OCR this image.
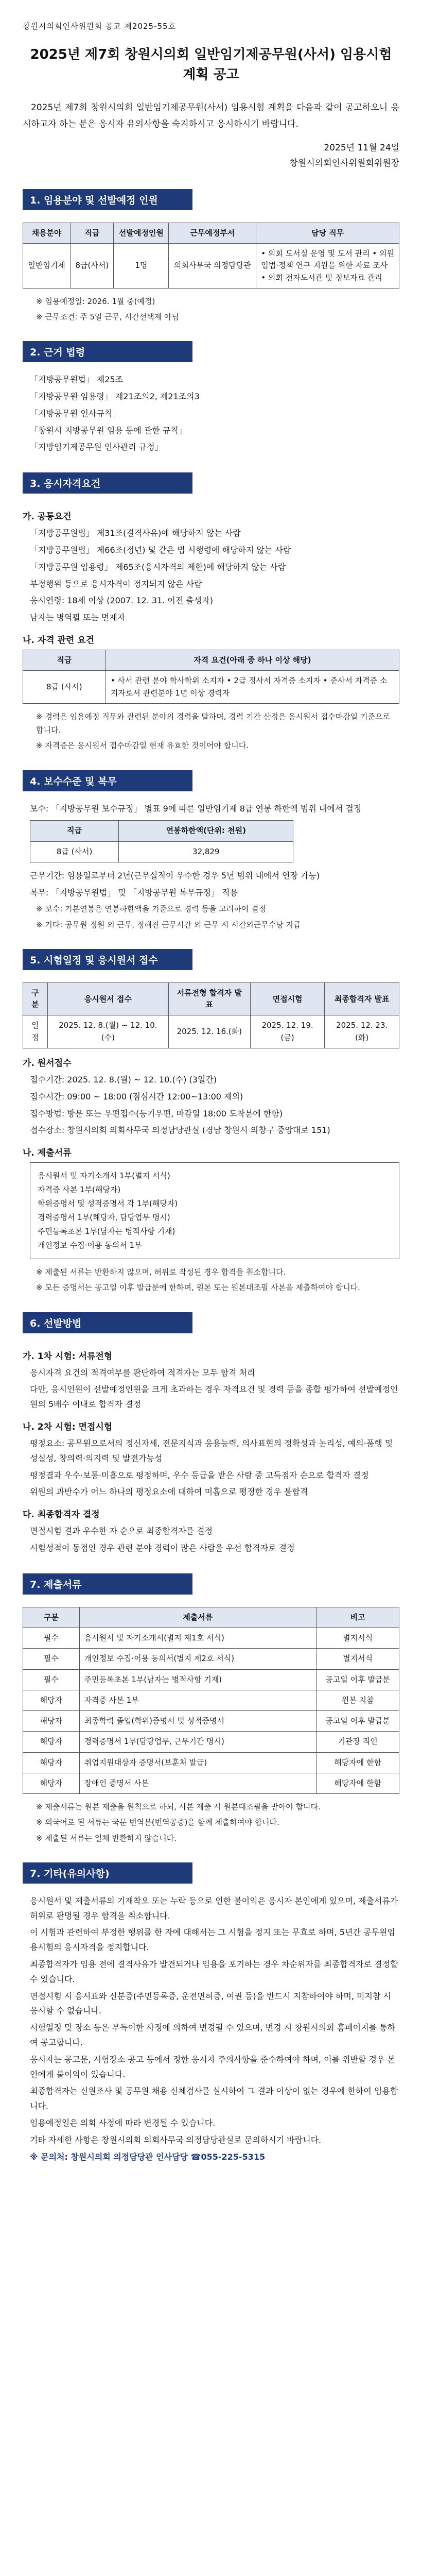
창원시의회인사위원회 공고 제2025-55호
2025년 제7회 창원시의회 일반임기제공무원(사서) 임용시험 계획 공고
2025년 제7회 창원시의회 일반임기제공무원(사서) 임용시험 계획을 다음과 같이 공고하오니 응시하고자 하는 분은 응시자 유의사항을 숙지하시고 응시하시기 바랍니다.
2025년 11월 24일
창원시의회인사위원회위원장
1. 임용분야 및 선발예정 인원
채용분야	직급	선발예정인원	근무예정부서	담당 직무
일반임기제	8급(사서)	1명	의회사무국 의정담당관	• 의회 도서실 운영 및 도서 관리 • 의원 입법·정책 연구 지원을 위한 자료 조사 • 의회 전자도서관 및 정보자료 관리
※ 임용예정일: 2026. 1월 중(예정)
※ 근무조건: 주 5일 근무, 시간선택제 아님
2. 근거 법령
「지방공무원법」 제25조
「지방공무원 임용령」 제21조의2, 제21조의3
「지방공무원 인사규칙」
「창원시 지방공무원 임용 등에 관한 규칙」
「지방임기제공무원 인사관리 규정」
3. 응시자격요건
가. 공통요건
「지방공무원법」 제31조(결격사유)에 해당하지 않는 사람
「지방공무원법」 제66조(정년) 및 같은 법 시행령에 해당하지 않는 사람
「지방공무원 임용령」 제65조(응시자격의 제한)에 해당하지 않는 사람
부정행위 등으로 응시자격이 정지되지 않은 사람
응시연령: 18세 이상 (2007. 12. 31. 이전 출생자)
남자는 병역필 또는 면제자
나. 자격 관련 요건
직급	자격 요건(아래 중 하나 이상 해당)
8급 (사서)	• 사서 관련 분야 학사학위 소지자 • 2급 정사서 자격증 소지자 • 준사서 자격증 소지자로서 관련분야 1년 이상 경력자
※ 경력은 임용예정 직무와 관련된 분야의 경력을 말하며, 경력 기간 산정은 응시원서 접수마감일 기준으로 합니다.
※ 자격증은 응시원서 접수마감일 현재 유효한 것이어야 합니다.
4. 보수수준 및 복무
보수: 「지방공무원 보수규정」 별표 9에 따른 일반임기제 8급 연봉 하한액 범위 내에서 결정
직급	연봉하한액(단위: 천원)
8급 (사서)	32,829
근무기간: 임용일로부터 2년(근무실적이 우수한 경우 5년 범위 내에서 연장 가능)
복무: 「지방공무원법」 및 「지방공무원 복무규정」 적용
※ 보수: 기본연봉은 연봉하한액을 기준으로 경력 등을 고려하여 결정
※ 기타: 공무원 정원 외 근무, 정해진 근무시간 외 근무 시 시간외근무수당 지급
5. 시험일정 및 응시원서 접수
구분	응시원서 접수	서류전형 합격자 발표	면접시험	최종합격자 발표
일정	2025. 12. 8.(월) ~ 12. 10.(수)	2025. 12. 16.(화)	2025. 12. 19.(금)	2025. 12. 23.(화)
가. 원서접수
접수기간: 2025. 12. 8.(월) ~ 12. 10.(수) (3일간)
접수시간: 09:00 ~ 18:00 (점심시간 12:00~13:00 제외)
접수방법: 방문 또는 우편접수(등기우편, 마감일 18:00 도착분에 한함)
접수장소: 창원시의회 의회사무국 의정담당관실 (경남 창원시 의창구 중앙대로 151)
나. 제출서류
응시원서 및 자기소개서 1부(별지 서식)
자격증 사본 1부(해당자)
학위증명서 및 성적증명서 각 1부(해당자)
경력증명서 1부(해당자, 담당업무 명시)
주민등록초본 1부(남자는 병적사항 기재)
개인정보 수집·이용 동의서 1부
※ 제출된 서류는 반환하지 않으며, 허위로 작성된 경우 합격을 취소합니다.
※ 모든 증명서는 공고일 이후 발급분에 한하며, 원본 또는 원본대조필 사본을 제출하여야 합니다.
6. 선발방법
가. 1차 시험: 서류전형
응시자격 요건의 적격여부를 판단하여 적격자는 모두 합격 처리
다만, 응시인원이 선발예정인원을 크게 초과하는 경우 자격요건 및 경력 등을 종합 평가하여 선발예정인원의 5배수 이내로 합격자 결정
나. 2차 시험: 면접시험
평정요소: 공무원으로서의 정신자세, 전문지식과 응용능력, 의사표현의 정확성과 논리성, 예의·품행 및 성실성, 창의력·의지력 및 발전가능성
평정결과 우수·보통·미흡으로 평정하며, 우수 등급을 받은 사람 중 고득점자 순으로 합격자 결정
위원의 과반수가 어느 하나의 평정요소에 대하여 미흡으로 평정한 경우 불합격
다. 최종합격자 결정
면접시험 결과 우수한 자 순으로 최종합격자를 결정
시험성적이 동점인 경우 관련 분야 경력이 많은 사람을 우선 합격자로 결정
7. 제출서류
구분	제출서류	비고
필수	응시원서 및 자기소개서(별지 제1호 서식)	별지서식
필수	개인정보 수집·이용 동의서(별지 제2호 서식)	별지서식
필수	주민등록초본 1부(남자는 병적사항 기재)	공고일 이후 발급분
해당자	자격증 사본 1부	원본 지참
해당자	최종학력 졸업(학위)증명서 및 성적증명서	공고일 이후 발급분
해당자	경력증명서 1부(담당업무, 근무기간 명시)	기관장 직인
해당자	취업지원대상자 증명서(보훈처 발급)	해당자에 한함
해당자	장애인 증명서 사본	해당자에 한함
※ 제출서류는 원본 제출을 원칙으로 하되, 사본 제출 시 원본대조필을 받아야 합니다.
※ 외국어로 된 서류는 국문 번역본(번역공증)을 함께 제출하여야 합니다.
※ 제출된 서류는 일체 반환하지 않습니다.
7. 기타(유의사항)
응시원서 및 제출서류의 기재착오 또는 누락 등으로 인한 불이익은 응시자 본인에게 있으며, 제출서류가 허위로 판명될 경우 합격을 취소합니다.
이 시험과 관련하여 부정한 행위를 한 자에 대해서는 그 시험을 정지 또는 무효로 하며, 5년간 공무원임용시험의 응시자격을 정지합니다.
최종합격자가 임용 전에 결격사유가 발견되거나 임용을 포기하는 경우 차순위자를 최종합격자로 결정할 수 있습니다.
면접시험 시 응시표와 신분증(주민등록증, 운전면허증, 여권 등)을 반드시 지참하여야 하며, 미지참 시 응시할 수 없습니다.
시험일정 및 장소 등은 부득이한 사정에 의하여 변경될 수 있으며, 변경 시 창원시의회 홈페이지를 통하여 공고합니다.
응시자는 공고문, 시험장소 공고 등에서 정한 응시자 주의사항을 준수하여야 하며, 이를 위반할 경우 본인에게 불이익이 있습니다.
최종합격자는 신원조사 및 공무원 채용 신체검사를 실시하여 그 결과 이상이 없는 경우에 한하여 임용합니다.
임용예정일은 의회 사정에 따라 변경될 수 있습니다.
기타 자세한 사항은 창원시의회 의회사무국 의정담당관실로 문의하시기 바랍니다.
※ 문의처: 창원시의회 의정담당관 인사담당 ☎055-225-5315
